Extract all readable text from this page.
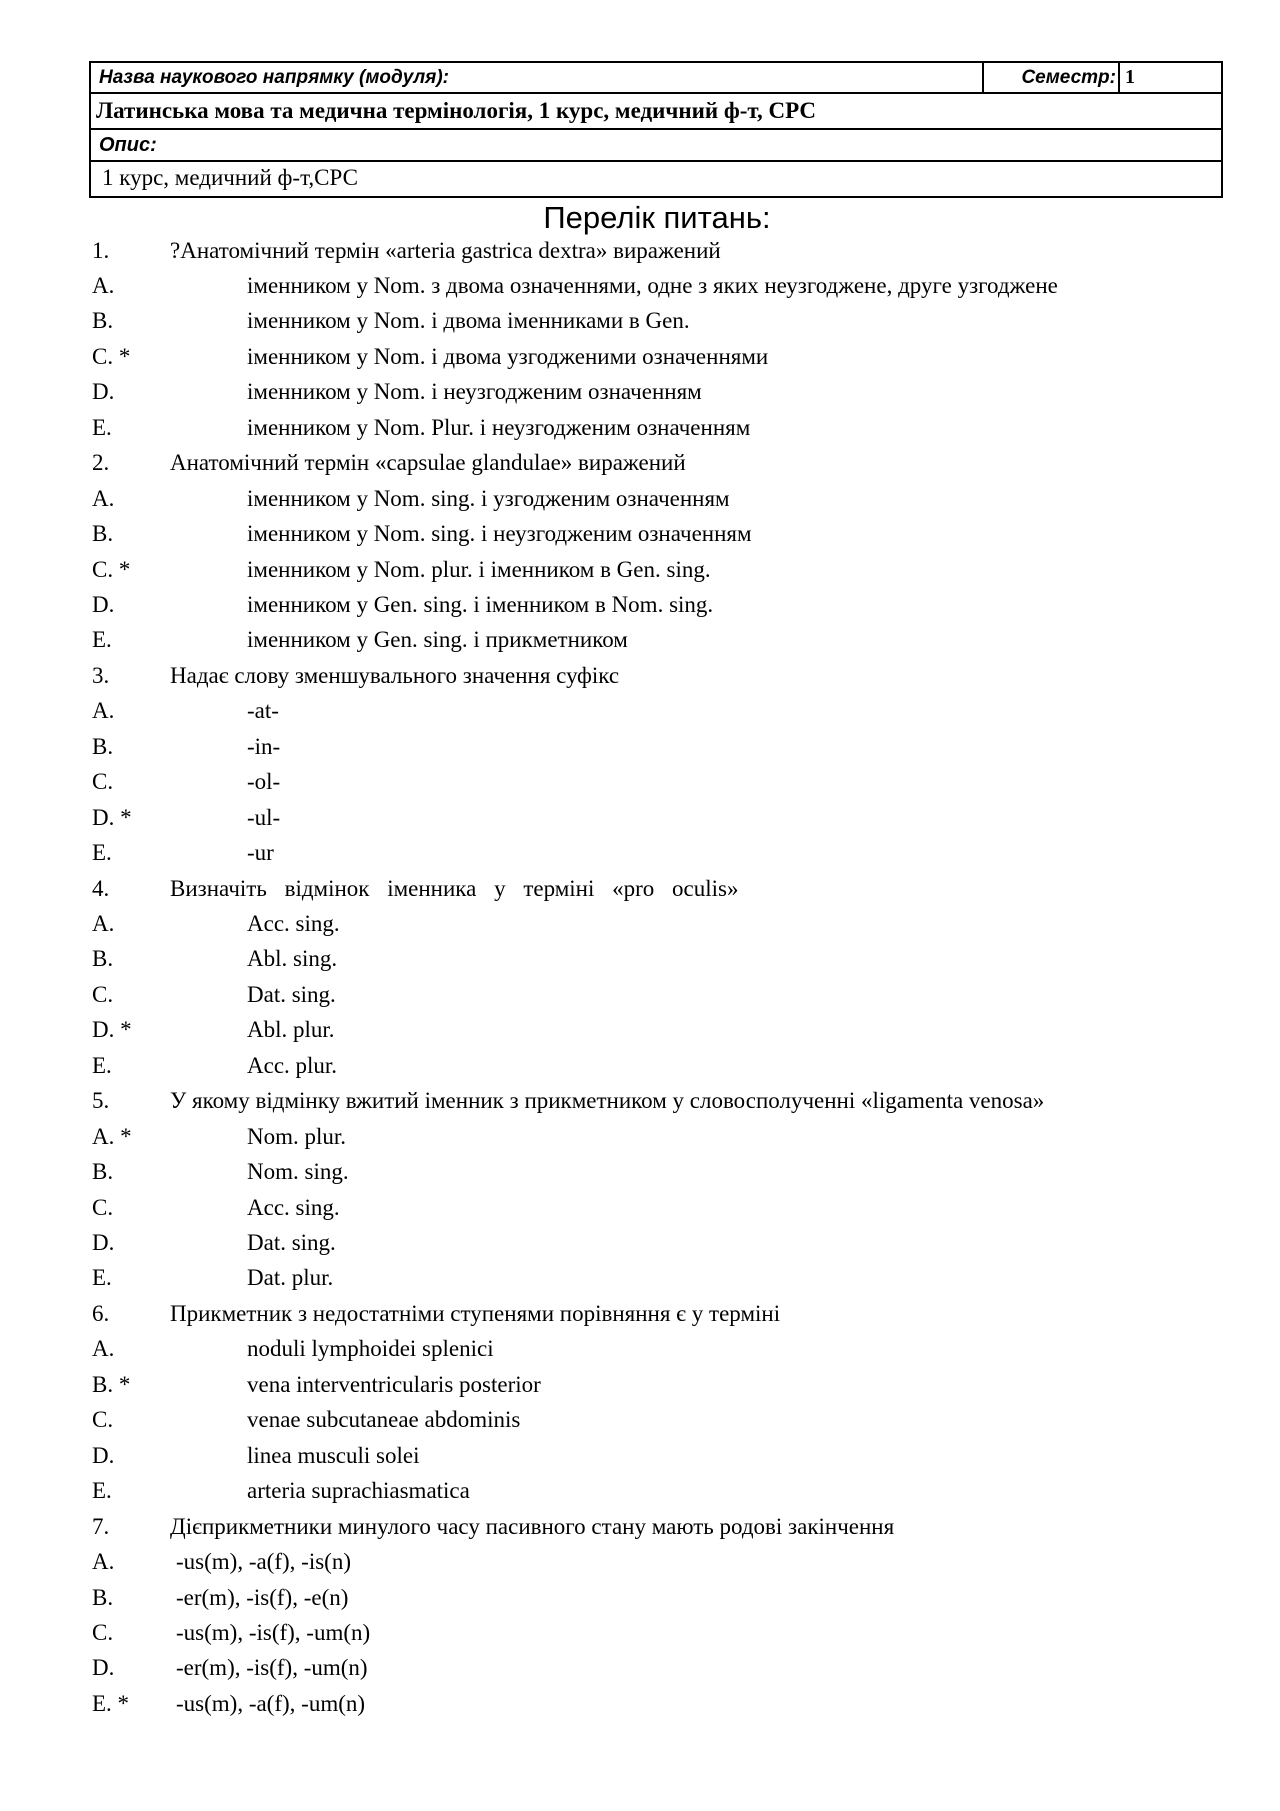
Назва наукового напрямку (модуля):	Семестр: 1
Латинська мова та медична термінологія, 1 курс, медичний ф-т, СРС
Опис:
1 курс, медичний ф-т,СРС
Перелік питань:
1.	?Анатомічний термін «arteria gastrica dextra» виражений
A.	іменником у Nom. з двома означеннями, одне з яких неузгоджене, друге узгоджене
B.	іменником у Nom. і двома іменниками в Gen.
C. *	іменником у Nom. і двома узгодженими означеннями
D.	іменником у Nom. і неузгодженим означенням
E.	іменником у Nom. Plur. і неузгодженим означенням
2.	Анатомічний термін «capsulae glandulae» виражений
A.	іменником у Nom. sing. і узгодженим означенням
B.	іменником у Nom. sing. і неузгодженим означенням
C. *	іменником у Nom. plur. і іменником в Gen. sing.
D.	іменником у Gen. sing. і іменником в Nom. sing.
E.	іменником у Gen. sing. і прикметником
3.	Надає слову зменшувального значення суфікс
A.	-at-
B.	-in-
C.	-ol-
D. *	-ul-
E.	-ur
4.	Визначіть відмінок іменника у терміні «pro oculis»
A.	Acc. sing.
B.	Abl. sing.
C.	Dat. sing.
D. *	Abl. plur.
E.	Acc. plur.
5.	У якому відмінку вжитий іменник з прикметником у словосполученні «ligamenta venosa»
A. *	Nom. plur.
B.	Nom. sing.
C.	Acc. sing.
D.	Dat. sing.
E.	Dat. plur.
6.	Прикметник з недостатніми ступенями порівняння є у терміні
A.	noduli lymphoidei splenici
B. *	vena interventricularis posterior
C.	venae subcutaneae abdominis
D.	linea musculi solei
E.	arteria suprachiasmatica
7.	Дієприкметники минулого часу пасивного стану мають родові закінчення
A.	-us(m), -a(f), -is(n)
B.	-er(m), -is(f), -e(n)
C.	-us(m), -is(f), -um(n)
D.	-er(m), -is(f), -um(n)
E. * -us(m), -a(f), -um(n)
